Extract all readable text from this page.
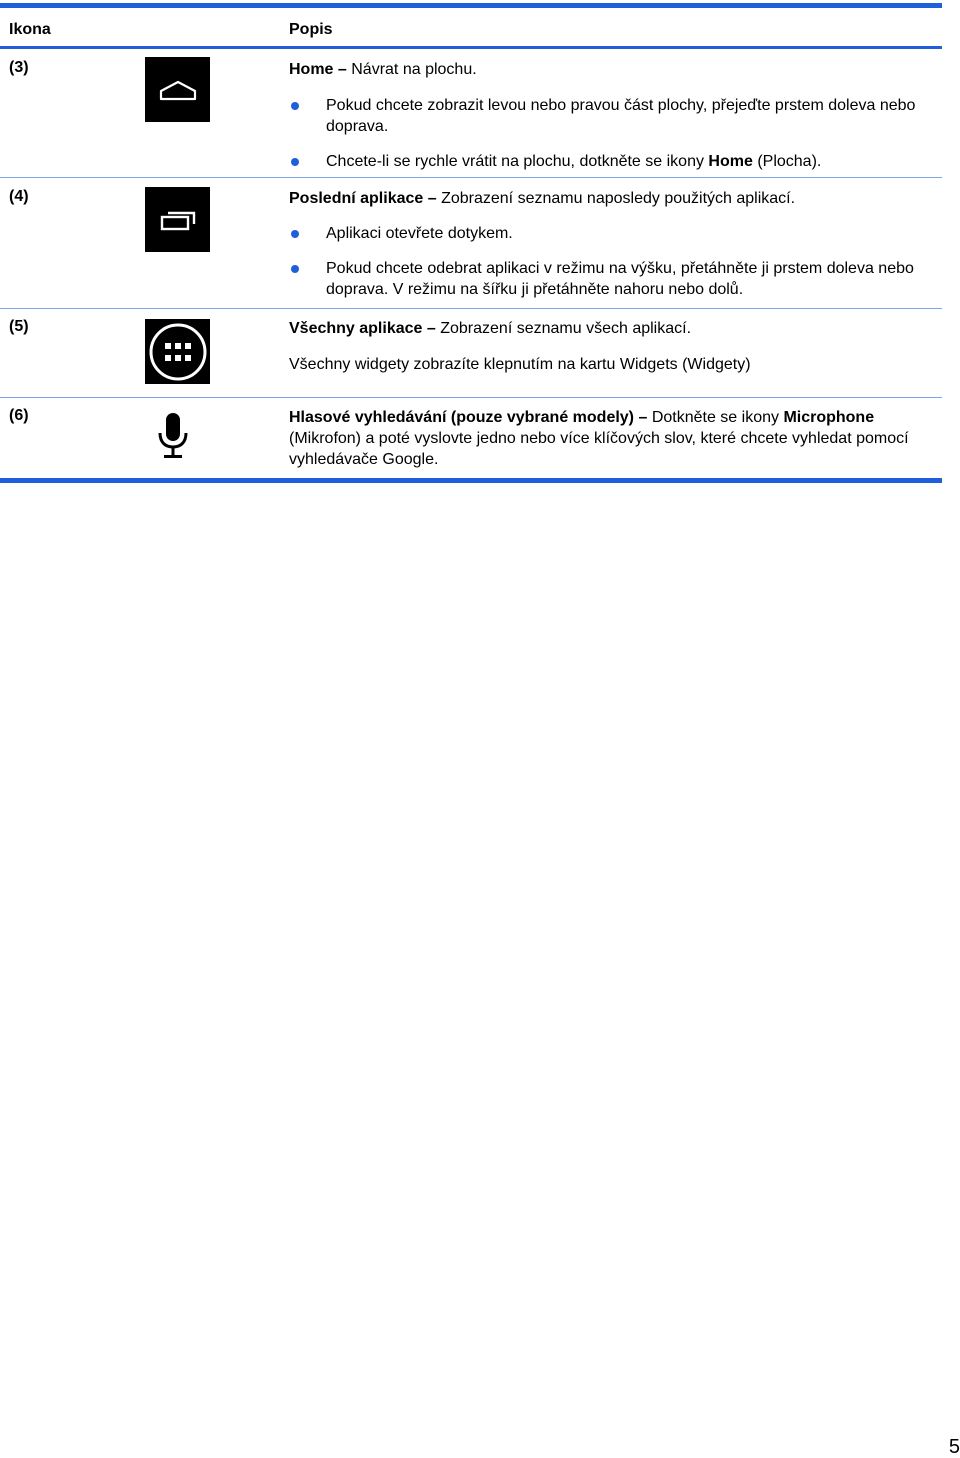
Ikona	Popis
(3)	Home – Návrat na plochu.

Pokud chcete zobrazit levou nebo pravou část plochy, přejeďte prstem doleva nebo doprava.

Chcete-li se rychle vrátit na plochu, dotkněte se ikony Home (Plocha).

(4)	Poslední aplikace – Zobrazení seznamu naposledy použitých aplikací.

Aplikaci otevřete dotykem.

Pokud chcete odebrat aplikaci v režimu na výšku, přetáhněte ji prstem doleva nebo doprava. V režimu na šířku ji přetáhněte nahoru nebo dolů.

(5)	Všechny aplikace – Zobrazení seznamu všech aplikací.

Všechny widgety zobrazíte klepnutím na kartu Widgets (Widgety)

(6)	Hlasové vyhledávání (pouze vybrané modely) – Dotkněte se ikony Microphone (Mikrofon) a poté vyslovte jedno nebo více klíčových slov, které chcete vyhledat pomocí vyhledávače Google.

5
